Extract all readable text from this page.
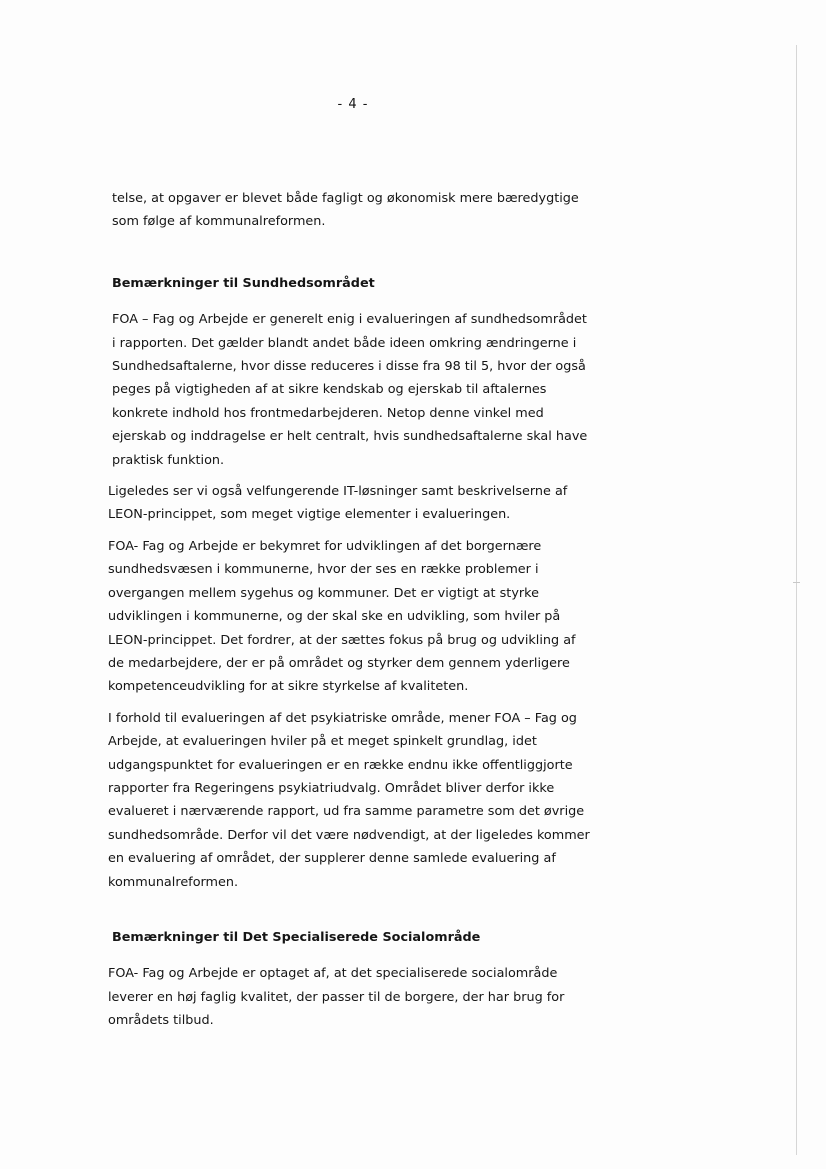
- 4 -

telse, at opgaver er blevet både fagligt og økonomisk mere bæredygtige som følge af kommunalreformen.

Bemærkninger til Sundhedsområdet

FOA – Fag og Arbejde er generelt enig i evalueringen af sundhedsområdet i rapporten. Det gælder blandt andet både ideen omkring ændringerne i Sundhedsaftalerne, hvor disse reduceres i disse fra 98 til 5, hvor der også peges på vigtigheden af at sikre kendskab og ejerskab til aftalernes konkrete indhold hos frontmedarbejderen. Netop denne vinkel med ejerskab og inddragelse er helt centralt, hvis sundhedsaftalerne skal have praktisk funktion.

Ligeledes ser vi også velfungerende IT-løsninger samt beskrivelserne af LEON-princippet, som meget vigtige elementer i evalueringen.

FOA- Fag og Arbejde er bekymret for udviklingen af det borgernære sundhedsvæsen i kommunerne, hvor der ses en række problemer i overgangen mellem sygehus og kommuner. Det er vigtigt at styrke udviklingen i kommunerne, og der skal ske en udvikling, som hviler på LEON-princippet. Det fordrer, at der sættes fokus på brug og udvikling af de medarbejdere, der er på området og styrker dem gennem yderligere kompetenceudvikling for at sikre styrkelse af kvaliteten.

I forhold til evalueringen af det psykiatriske område, mener FOA – Fag og Arbejde, at evalueringen hviler på et meget spinkelt grundlag, idet udgangspunktet for evalueringen er en række endnu ikke offentliggjorte rapporter fra Regeringens psykiatriudvalg. Området bliver derfor ikke evalueret i nærværende rapport, ud fra samme parametre som det øvrige sundhedsområde. Derfor vil det være nødvendigt, at der ligeledes kommer en evaluering af området, der supplerer denne samlede evaluering af kommunalreformen.

Bemærkninger til Det Specialiserede Socialområde

FOA- Fag og Arbejde er optaget af, at det specialiserede socialområde leverer en høj faglig kvalitet, der passer til de borgere, der har brug for områdets tilbud.
